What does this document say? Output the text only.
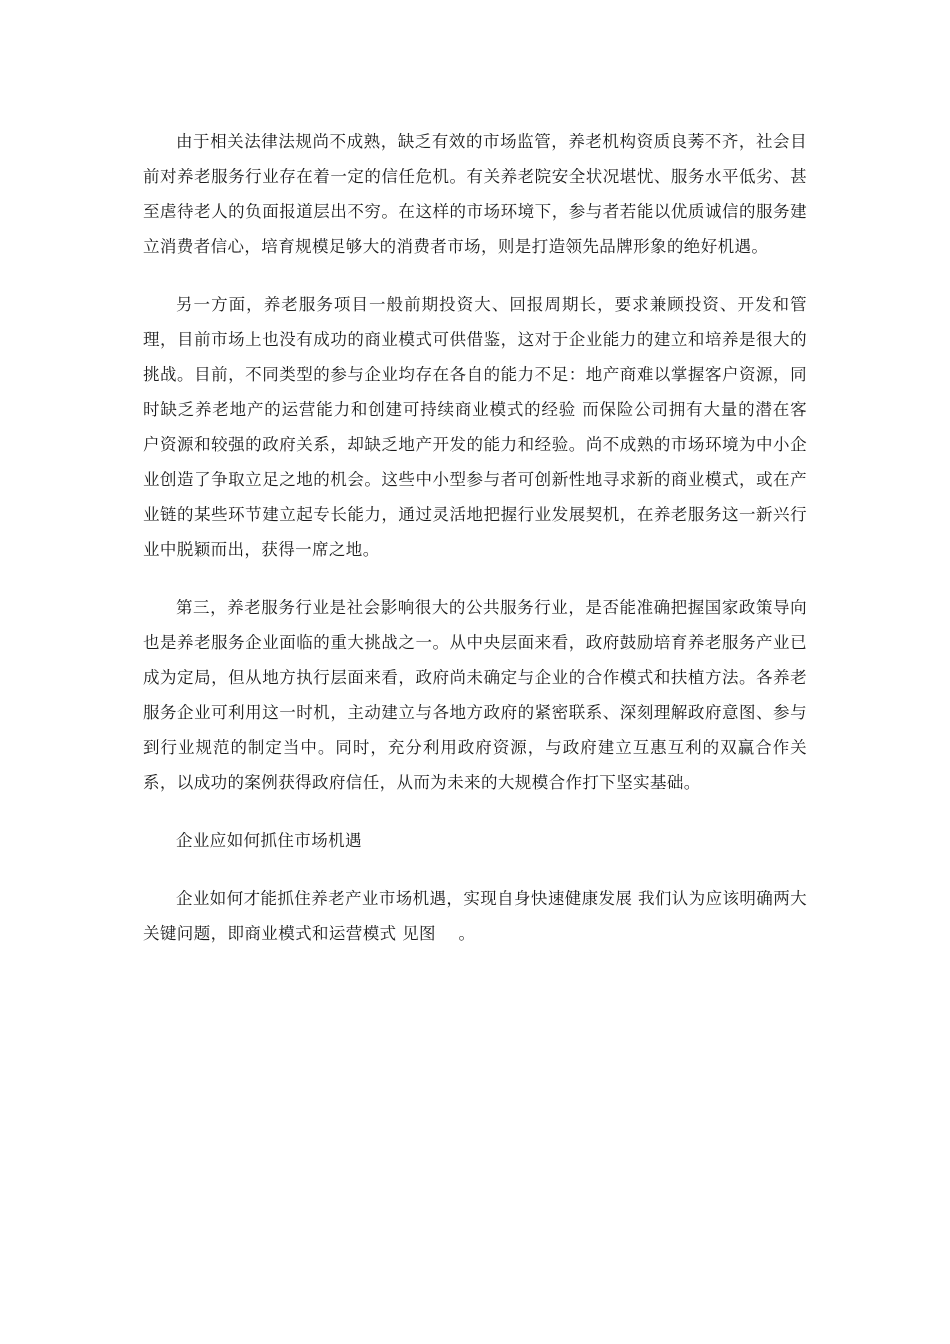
由于相关法律法规尚不成熟，缺乏有效的市场监管，养老机构资质良莠不齐，社会目前对养老服务行业存在着一定的信任危机。有关养老院安全状况堪忧、服务水平低劣、甚至虐待老人的负面报道层出不穷。在这样的市场环境下，参与者若能以优质诚信的服务建立消费者信心，培育规模足够大的消费者市场，则是打造领先品牌形象的绝好机遇。

另一方面，养老服务项目一般前期投资大、回报周期长，要求兼顾投资、开发和管理，目前市场上也没有成功的商业模式可供借鉴，这对于企业能力的建立和培养是很大的挑战。目前，不同类型的参与企业均存在各自的能力不足：地产商难以掌握客户资源，同时缺乏养老地产的运营能力和创建可持续商业模式的经验 而保险公司拥有大量的潜在客户资源和较强的政府关系，却缺乏地产开发的能力和经验。尚不成熟的市场环境为中小企业创造了争取立足之地的机会。这些中小型参与者可创新性地寻求新的商业模式，或在产业链的某些环节建立起专长能力，通过灵活地把握行业发展契机，在养老服务这一新兴行业中脱颖而出，获得一席之地。

第三，养老服务行业是社会影响很大的公共服务行业，是否能准确把握国家政策导向也是养老服务企业面临的重大挑战之一。从中央层面来看，政府鼓励培育养老服务产业已成为定局，但从地方执行层面来看，政府尚未确定与企业的合作模式和扶植方法。各养老服务企业可利用这一时机，主动建立与各地方政府的紧密联系、深刻理解政府意图、参与到行业规范的制定当中。同时，充分利用政府资源，与政府建立互惠互利的双赢合作关系，以成功的案例获得政府信任，从而为未来的大规模合作打下坚实基础。

企业应如何抓住市场机遇

企业如何才能抓住养老产业市场机遇，实现自身快速健康发展 我们认为应该明确两大关键问题，即商业模式和运营模式 见图　 。
